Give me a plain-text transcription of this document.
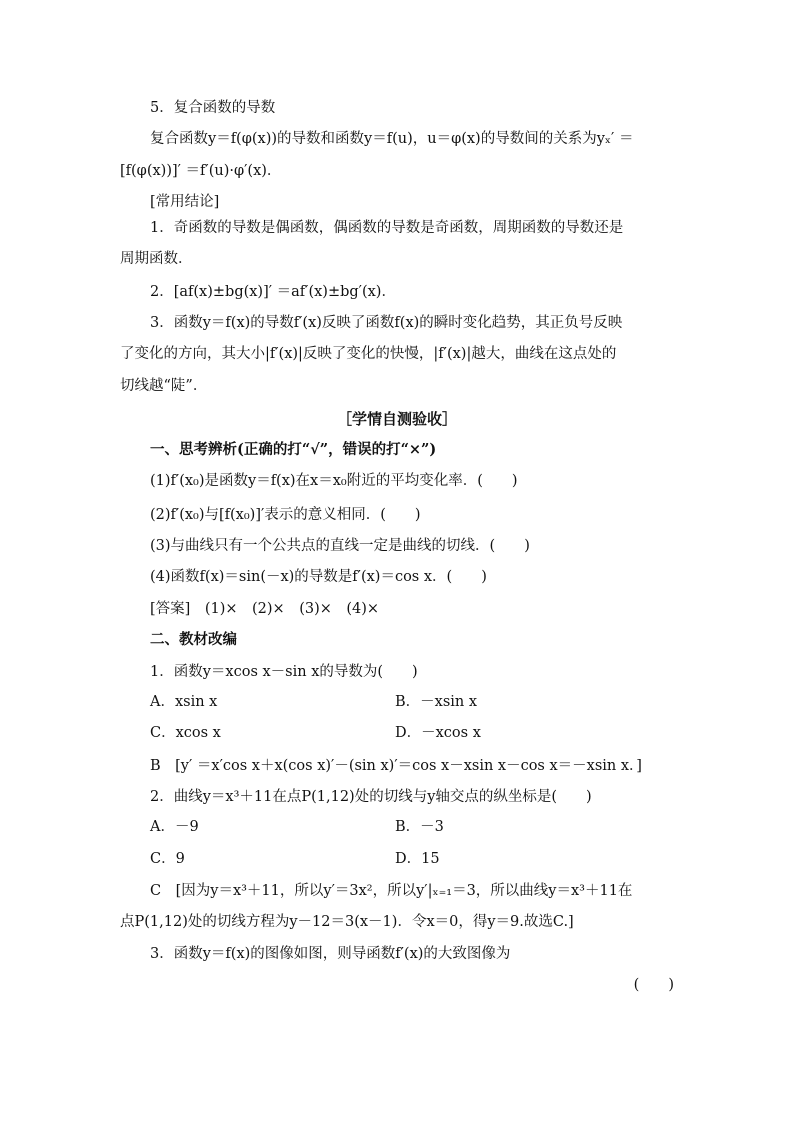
5．复合函数的导数
复合函数y＝f(φ(x))的导数和函数y＝f(u)，u＝φ(x)的导数间的关系为yₓ′ ＝
[f(φ(x))]′ ＝f′(u)·φ′(x)．
[常用结论]
1．奇函数的导数是偶函数，偶函数的导数是奇函数，周期函数的导数还是
周期函数．
2．[af(x)±bg(x)]′ ＝af′(x)±bg′(x)．
3．函数y＝f(x)的导数f′(x)反映了函数f(x)的瞬时变化趋势，其正负号反映
了变化的方向，其大小|f′(x)|反映了变化的快慢，|f′(x)|越大，曲线在这点处的
切线越“陡”．
［学情自测验收］
一、思考辨析(正确的打“√”，错误的打“×”)
(1)f′(x₀)是函数y＝f(x)在x＝x₀附近的平均变化率．(　　)
(2)f′(x₀)与[f(x₀)]′表示的意义相同．(　　)
(3)与曲线只有一个公共点的直线一定是曲线的切线．(　　)
(4)函数f(x)＝sin(－x)的导数是f′(x)＝cos x．(　　)
[答案]　(1)×　(2)×　(3)×　(4)×
二、教材改编
1．函数y＝xcos x－sin x的导数为(　　)
A．xsin x	B．－xsin x
C．xcos x	D．－xcos x
B　[y′ ＝x′cos x＋x(cos x)′－(sin x)′＝cos x－xsin x－cos x＝－xsin x．]
2．曲线y＝x³＋11在点P(1,12)处的切线与y轴交点的纵坐标是(　　)
A．－9	B．－3
C．9	D．15
C　[因为y＝x³＋11，所以y′＝3x²，所以y′|ₓ₌₁＝3，所以曲线y＝x³＋11在
点P(1,12)处的切线方程为y－12＝3(x－1)．令x＝0，得y＝9.故选C.]
3．函数y＝f(x)的图像如图，则导函数f′(x)的大致图像为
(　　)
